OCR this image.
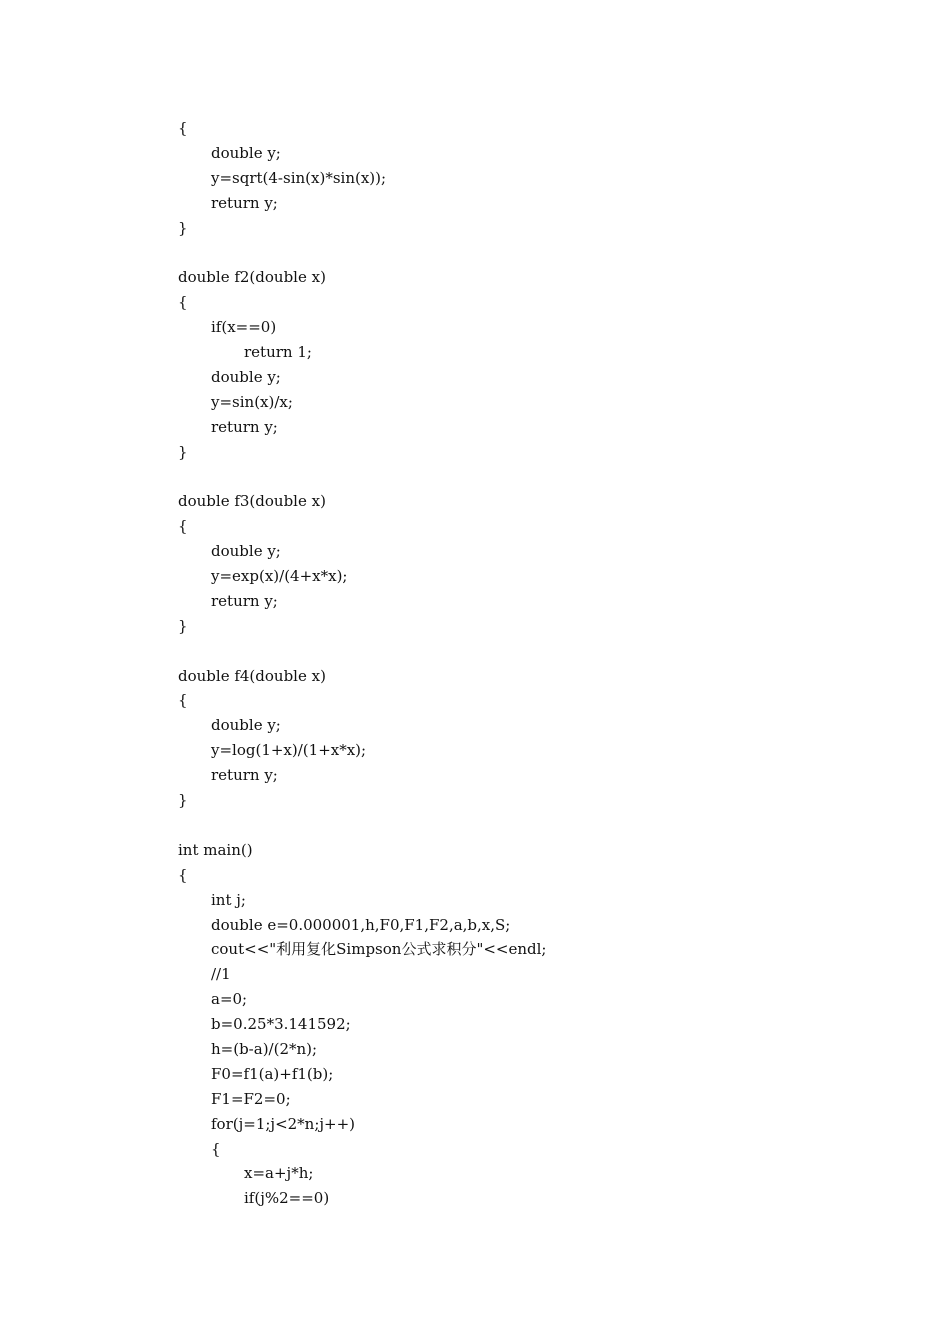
{
double y;
y=sqrt(4-sin(x)*sin(x));
return y;
}
double f2(double x)
{
if(x==0)
return 1;
double y;
y=sin(x)/x;
return y;
}
double f3(double x)
{
double y;
y=exp(x)/(4+x*x);
return y;
}
double f4(double x)
{
double y;
y=log(1+x)/(1+x*x);
return y;
}
int main()
{
int j;
double e=0.000001,h,F0,F1,F2,a,b,x,S;
cout<<"利用复化Simpson公式求积分"<<endl;
//1
a=0;
b=0.25*3.141592;
h=(b-a)/(2*n);
F0=f1(a)+f1(b);
F1=F2=0;
for(j=1;j<2*n;j++)
{
x=a+j*h;
if(j%2==0)
